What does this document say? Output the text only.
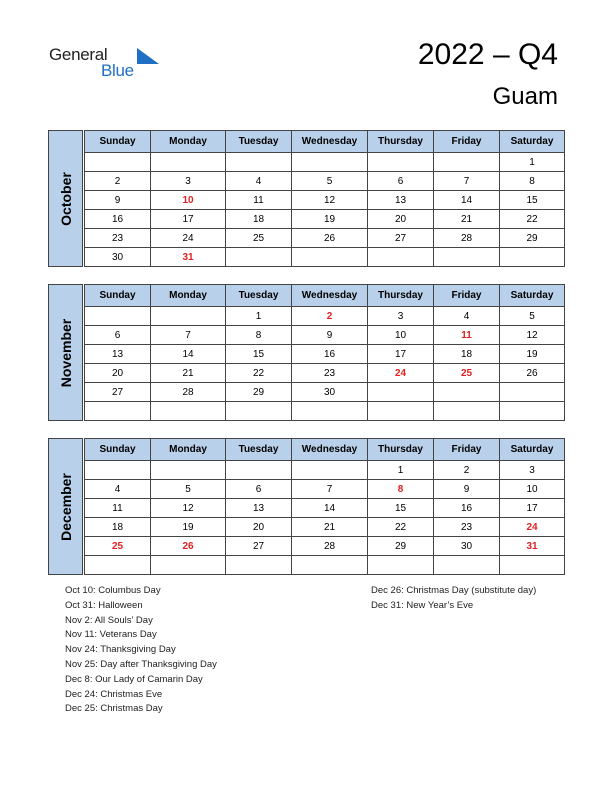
General
Blue	2022 – Q4
Guam
October
Sunday	Monday	Tuesday	Wednesday	Thursday	Friday	Saturday
						1
2	3	4	5	6	7	8
9	10	11	12	13	14	15
16	17	18	19	20	21	22
23	24	25	26	27	28	29
30	31					
November
Sunday	Monday	Tuesday	Wednesday	Thursday	Friday	Saturday
		1	2	3	4	5
6	7	8	9	10	11	12
13	14	15	16	17	18	19
20	21	22	23	24	25	26
27	28	29	30			

December
Sunday	Monday	Tuesday	Wednesday	Thursday	Friday	Saturday
				1	2	3
4	5	6	7	8	9	10
11	12	13	14	15	16	17
18	19	20	21	22	23	24
25	26	27	28	29	30	31

Oct 10: Columbus Day
Oct 31: Halloween
Nov 2: All Souls’ Day
Nov 11: Veterans Day
Nov 24: Thanksgiving Day
Nov 25: Day after Thanksgiving Day
Dec 8: Our Lady of Camarin Day
Dec 24: Christmas Eve
Dec 25: Christmas Day
Dec 26: Christmas Day (substitute day)
Dec 31: New Year’s Eve
